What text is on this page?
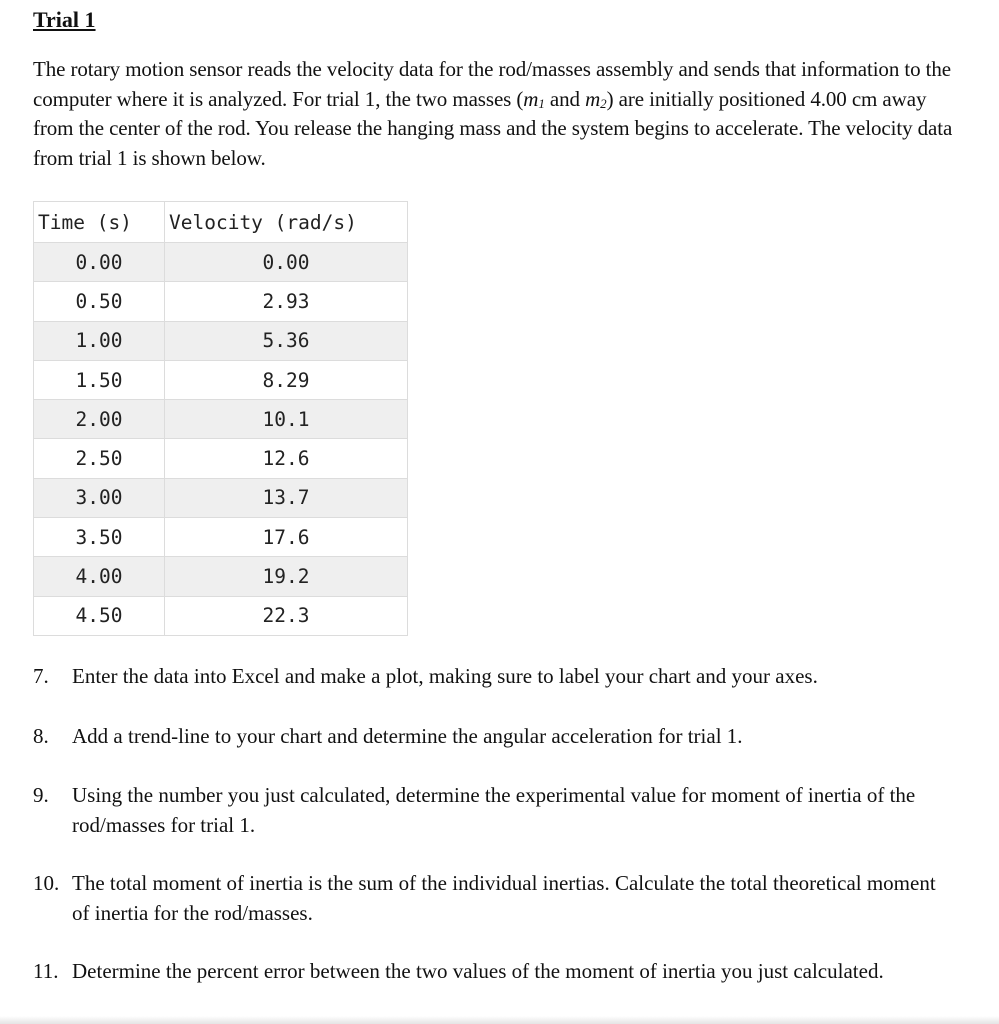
Trial 1
The rotary motion sensor reads the velocity data for the rod/masses assembly and sends that information to the computer where it is analyzed. For trial 1, the two masses ($m_1$ and $m_2$) are initially positioned 4.00 cm away from the center of the rod. You release the hanging mass and the system begins to accelerate. The velocity data from trial 1 is shown below.
Time (s)	Velocity (rad/s)
0.00	0.00
0.50	2.93
1.00	5.36
1.50	8.29
2.00	10.1
2.50	12.6
3.00	13.7
3.50	17.6
4.00	19.2
4.50	22.3
7. Enter the data into Excel and make a plot, making sure to label your chart and your axes.
8. Add a trend-line to your chart and determine the angular acceleration for trial 1.
9. Using the number you just calculated, determine the experimental value for moment of inertia of the rod/masses for trial 1.
10. The total moment of inertia is the sum of the individual inertias. Calculate the total theoretical moment of inertia for the rod/masses.
11. Determine the percent error between the two values of the moment of inertia you just calculated.
